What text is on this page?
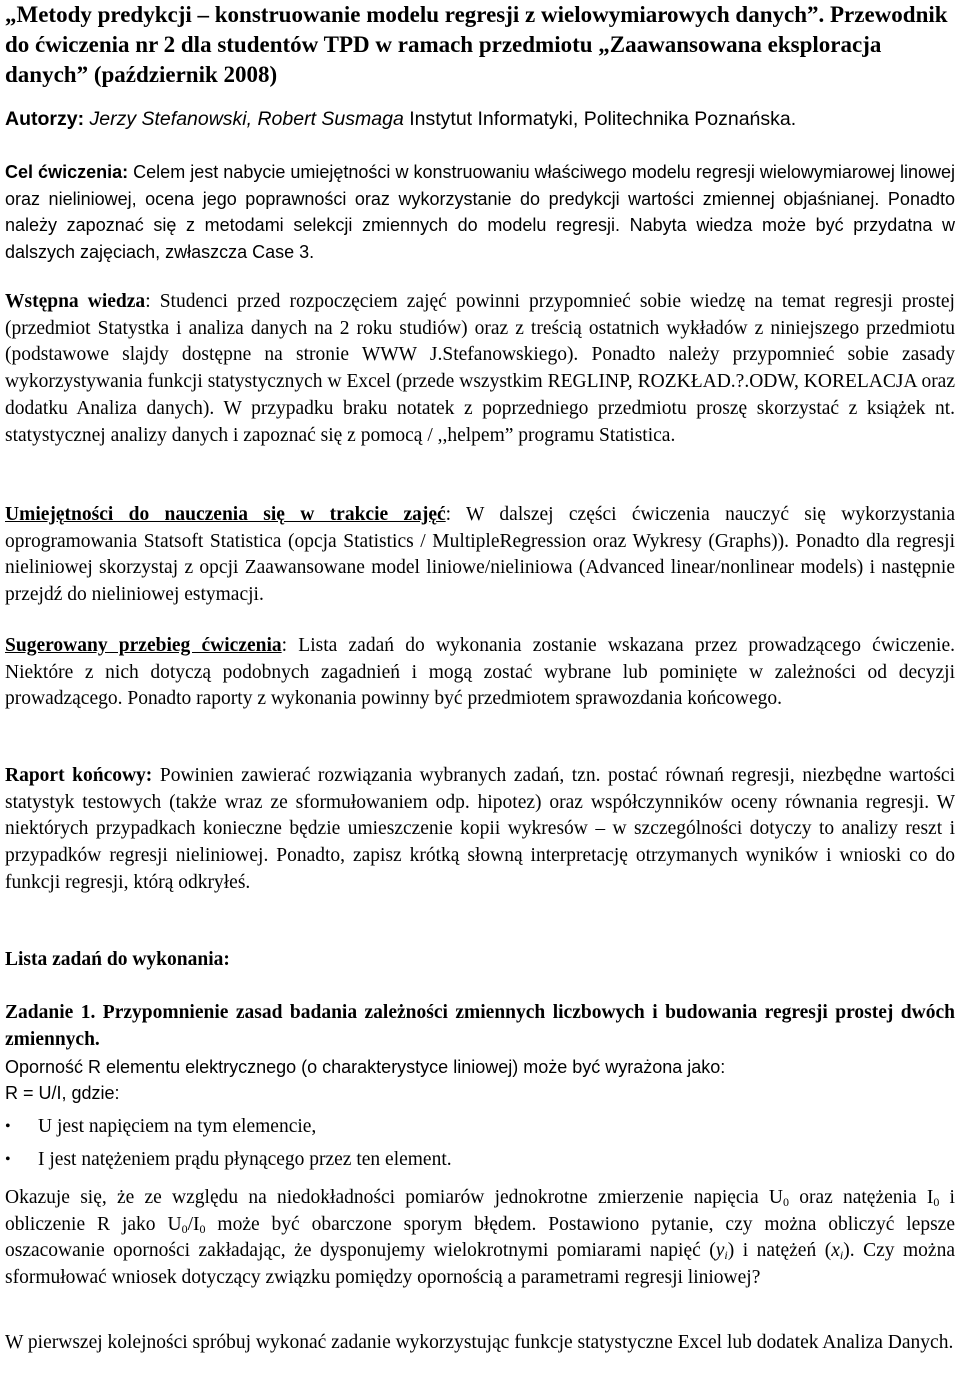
„Metody predykcji – konstruowanie modelu regresji z wielowymiarowych danych”. Przewodnik do ćwiczenia nr 2 dla studentów TPD w ramach przedmiotu „Zaawansowana eksploracja danych” (październik 2008)

Autorzy: Jerzy Stefanowski, Robert Susmaga Instytut Informatyki, Politechnika Poznańska.

Cel ćwiczenia: Celem jest nabycie umiejętności w konstruowaniu właściwego modelu regresji wielowymiarowej linowej oraz nieliniowej, ocena jego poprawności oraz wykorzystanie do predykcji wartości zmiennej objaśnianej. Ponadto należy zapoznać się z metodami selekcji zmiennych do modelu regresji. Nabyta wiedza może być przydatna w dalszych zajęciach, zwłaszcza Case 3.

Wstępna wiedza: Studenci przed rozpoczęciem zajęć powinni przypomnieć sobie wiedzę na temat regresji prostej (przedmiot Statystka i analiza danych na 2 roku studiów) oraz z treścią ostatnich wykładów z niniejszego przedmiotu (podstawowe slajdy dostępne na stronie WWW J.Stefanowskiego). Ponadto należy przypomnieć sobie zasady wykorzystywania funkcji statystycznych w Excel (przede wszystkim REGLINP, ROZKŁAD.?.ODW, KORELACJA oraz dodatku Analiza danych). W przypadku braku notatek z poprzedniego przedmiotu proszę skorzystać z książek nt. statystycznej analizy danych i zapoznać się z pomocą / ,,helpem” programu Statistica.

Umiejętności do nauczenia się w trakcie zajęć: W dalszej części ćwiczenia nauczyć się wykorzystania oprogramowania Statsoft Statistica (opcja Statistics / MultipleRegression oraz Wykresy (Graphs)). Ponadto dla regresji nieliniowej skorzystaj z opcji Zaawansowane model liniowe/nieliniowa (Advanced linear/nonlinear models) i następnie przejdź do nieliniowej estymacji.

Sugerowany przebieg ćwiczenia: Lista zadań do wykonania zostanie wskazana przez prowadzącego ćwiczenie. Niektóre z nich dotyczą podobnych zagadnień i mogą zostać wybrane lub pominięte w zależności od decyzji prowadzącego. Ponadto raporty z wykonania powinny być przedmiotem sprawozdania końcowego.

Raport końcowy: Powinien zawierać rozwiązania wybranych zadań, tzn. postać równań regresji, niezbędne wartości statystyk testowych (także wraz ze sformułowaniem odp. hipotez) oraz współczynników oceny równania regresji. W niektórych przypadkach konieczne będzie umieszczenie kopii wykresów – w szczególności dotyczy to analizy reszt i przypadków regresji nieliniowej. Ponadto, zapisz krótką słowną interpretację otrzymanych wyników i wnioski co do funkcji regresji, którą odkryłeś.

Lista zadań do wykonania:

Zadanie 1. Przypomnienie zasad badania zależności zmiennych liczbowych i budowania regresji prostej dwóch zmiennych.

Oporność R elementu elektrycznego (o charakterystyce liniowej) może być wyrażona jako:

R = U/I, gdzie:

• U jest napięciem na tym elemencie,
• I jest natężeniem prądu płynącego przez ten element.

Okazuje się, że ze względu na niedokładności pomiarów jednokrotne zmierzenie napięcia $U_0$ oraz natężenia $I_0$ i obliczenie R jako $U_0/I_0$ może być obarczone sporym błędem. Postawiono pytanie, czy można obliczyć lepsze oszacowanie oporności zakładając, że dysponujemy wielokrotnymi pomiarami napięć $(y_i)$ i natężeń $(x_i)$. Czy można sformułować wniosek dotyczący związku pomiędzy opornością a parametrami regresji liniowej?

W pierwszej kolejności spróbuj wykonać zadanie wykorzystując funkcje statystyczne Excel lub dodatek Analiza Danych.
